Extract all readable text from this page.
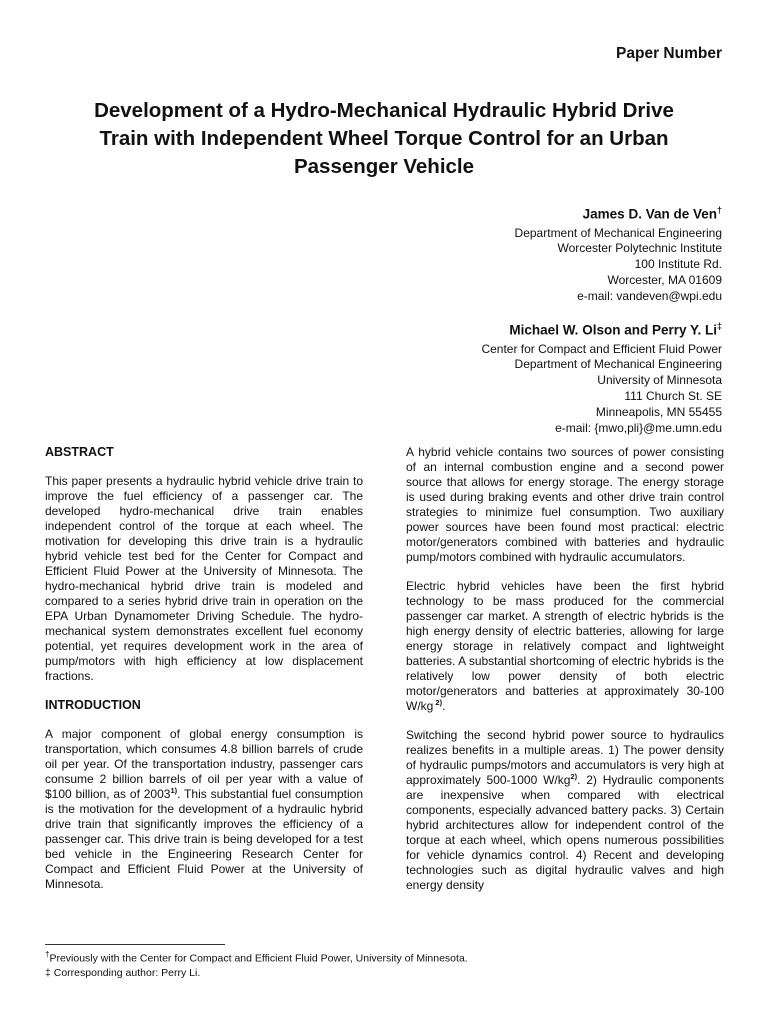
Paper Number
Development of a Hydro-Mechanical Hydraulic Hybrid Drive
Train with Independent Wheel Torque Control for an Urban
Passenger Vehicle
James D. Van de Ven†
Department of Mechanical Engineering
Worcester Polytechnic Institute
100 Institute Rd.
Worcester, MA 01609
e-mail: vandeven@wpi.edu
Michael W. Olson and Perry Y. Li‡
Center for Compact and Efficient Fluid Power
Department of Mechanical Engineering
University of Minnesota
111 Church St. SE
Minneapolis, MN 55455
e-mail: {mwo,pli}@me.umn.edu
ABSTRACT
This paper presents a hydraulic hybrid vehicle drive train to improve the fuel efficiency of a passenger car. The developed hydro-mechanical drive train enables independent control of the torque at each wheel. The motivation for developing this drive train is a hydraulic hybrid vehicle test bed for the Center for Compact and Efficient Fluid Power at the University of Minnesota. The hydro-mechanical hybrid drive train is modeled and compared to a series hybrid drive train in operation on the EPA Urban Dynamometer Driving Schedule. The hydro-mechanical system demonstrates excellent fuel economy potential, yet requires development work in the area of pump/motors with high efficiency at low displacement fractions.
INTRODUCTION
A major component of global energy consumption is transportation, which consumes 4.8 billion barrels of crude oil per year. Of the transportation industry, passenger cars consume 2 billion barrels of oil per year with a value of $100 billion, as of 2003$^{1)}$. This substantial fuel consumption is the motivation for the development of a hydraulic hybrid drive train that significantly improves the efficiency of a passenger car. This drive train is being developed for a test bed vehicle in the Engineering Research Center for Compact and Efficient Fluid Power at the University of Minnesota.
A hybrid vehicle contains two sources of power consisting of an internal combustion engine and a second power source that allows for energy storage. The energy storage is used during braking events and other drive train control strategies to minimize fuel consumption. Two auxiliary power sources have been found most practical: electric motor/generators combined with batteries and hydraulic pump/motors combined with hydraulic accumulators.
Electric hybrid vehicles have been the first hybrid technology to be mass produced for the commercial passenger car market. A strength of electric hybrids is the high energy density of electric batteries, allowing for large energy storage in relatively compact and lightweight batteries. A substantial shortcoming of electric hybrids is the relatively low power density of both electric motor/generators and batteries at approximately 30-100 W/kg $^{2)}$.
Switching the second hybrid power source to hydraulics realizes benefits in a multiple areas. 1) The power density of hydraulic pumps/motors and accumulators is very high at approximately 500-1000 $W/kg^{2)}$. 2) Hydraulic components are inexpensive when compared with electrical components, especially advanced battery packs. 3) Certain hybrid architectures allow for independent control of the torque at each wheel, which opens numerous possibilities for vehicle dynamics control. 4) Recent and developing technologies such as digital hydraulic valves and high energy density
†Previously with the Center for Compact and Efficient Fluid Power, University of Minnesota.
‡ Corresponding author: Perry Li.
